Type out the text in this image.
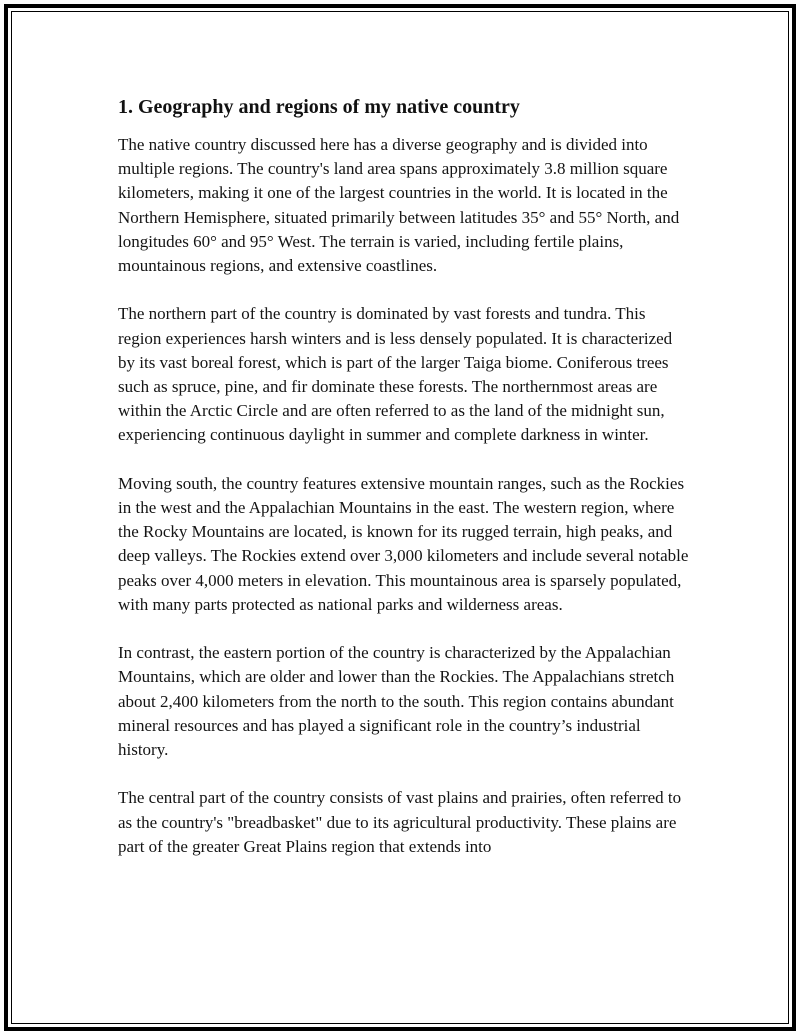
1. Geography and regions of my native country

The native country discussed here has a diverse geography and is divided into multiple regions. The country's land area spans approximately 3.8 million square kilometers, making it one of the largest countries in the world. It is located in the Northern Hemisphere, situated primarily between latitudes 35° and 55° North, and longitudes 60° and 95° West. The terrain is varied, including fertile plains, mountainous regions, and extensive coastlines.

The northern part of the country is dominated by vast forests and tundra. This region experiences harsh winters and is less densely populated. It is characterized by its vast boreal forest, which is part of the larger Taiga biome. Coniferous trees such as spruce, pine, and fir dominate these forests. The northernmost areas are within the Arctic Circle and are often referred to as the land of the midnight sun, experiencing continuous daylight in summer and complete darkness in winter.

Moving south, the country features extensive mountain ranges, such as the Rockies in the west and the Appalachian Mountains in the east. The western region, where the Rocky Mountains are located, is known for its rugged terrain, high peaks, and deep valleys. The Rockies extend over 3,000 kilometers and include several notable peaks over 4,000 meters in elevation. This mountainous area is sparsely populated, with many parts protected as national parks and wilderness areas.

In contrast, the eastern portion of the country is characterized by the Appalachian Mountains, which are older and lower than the Rockies. The Appalachians stretch about 2,400 kilometers from the north to the south. This region contains abundant mineral resources and has played a significant role in the country’s industrial history.

The central part of the country consists of vast plains and prairies, often referred to as the country's "breadbasket" due to its agricultural productivity. These plains are part of the greater Great Plains region that extends into
